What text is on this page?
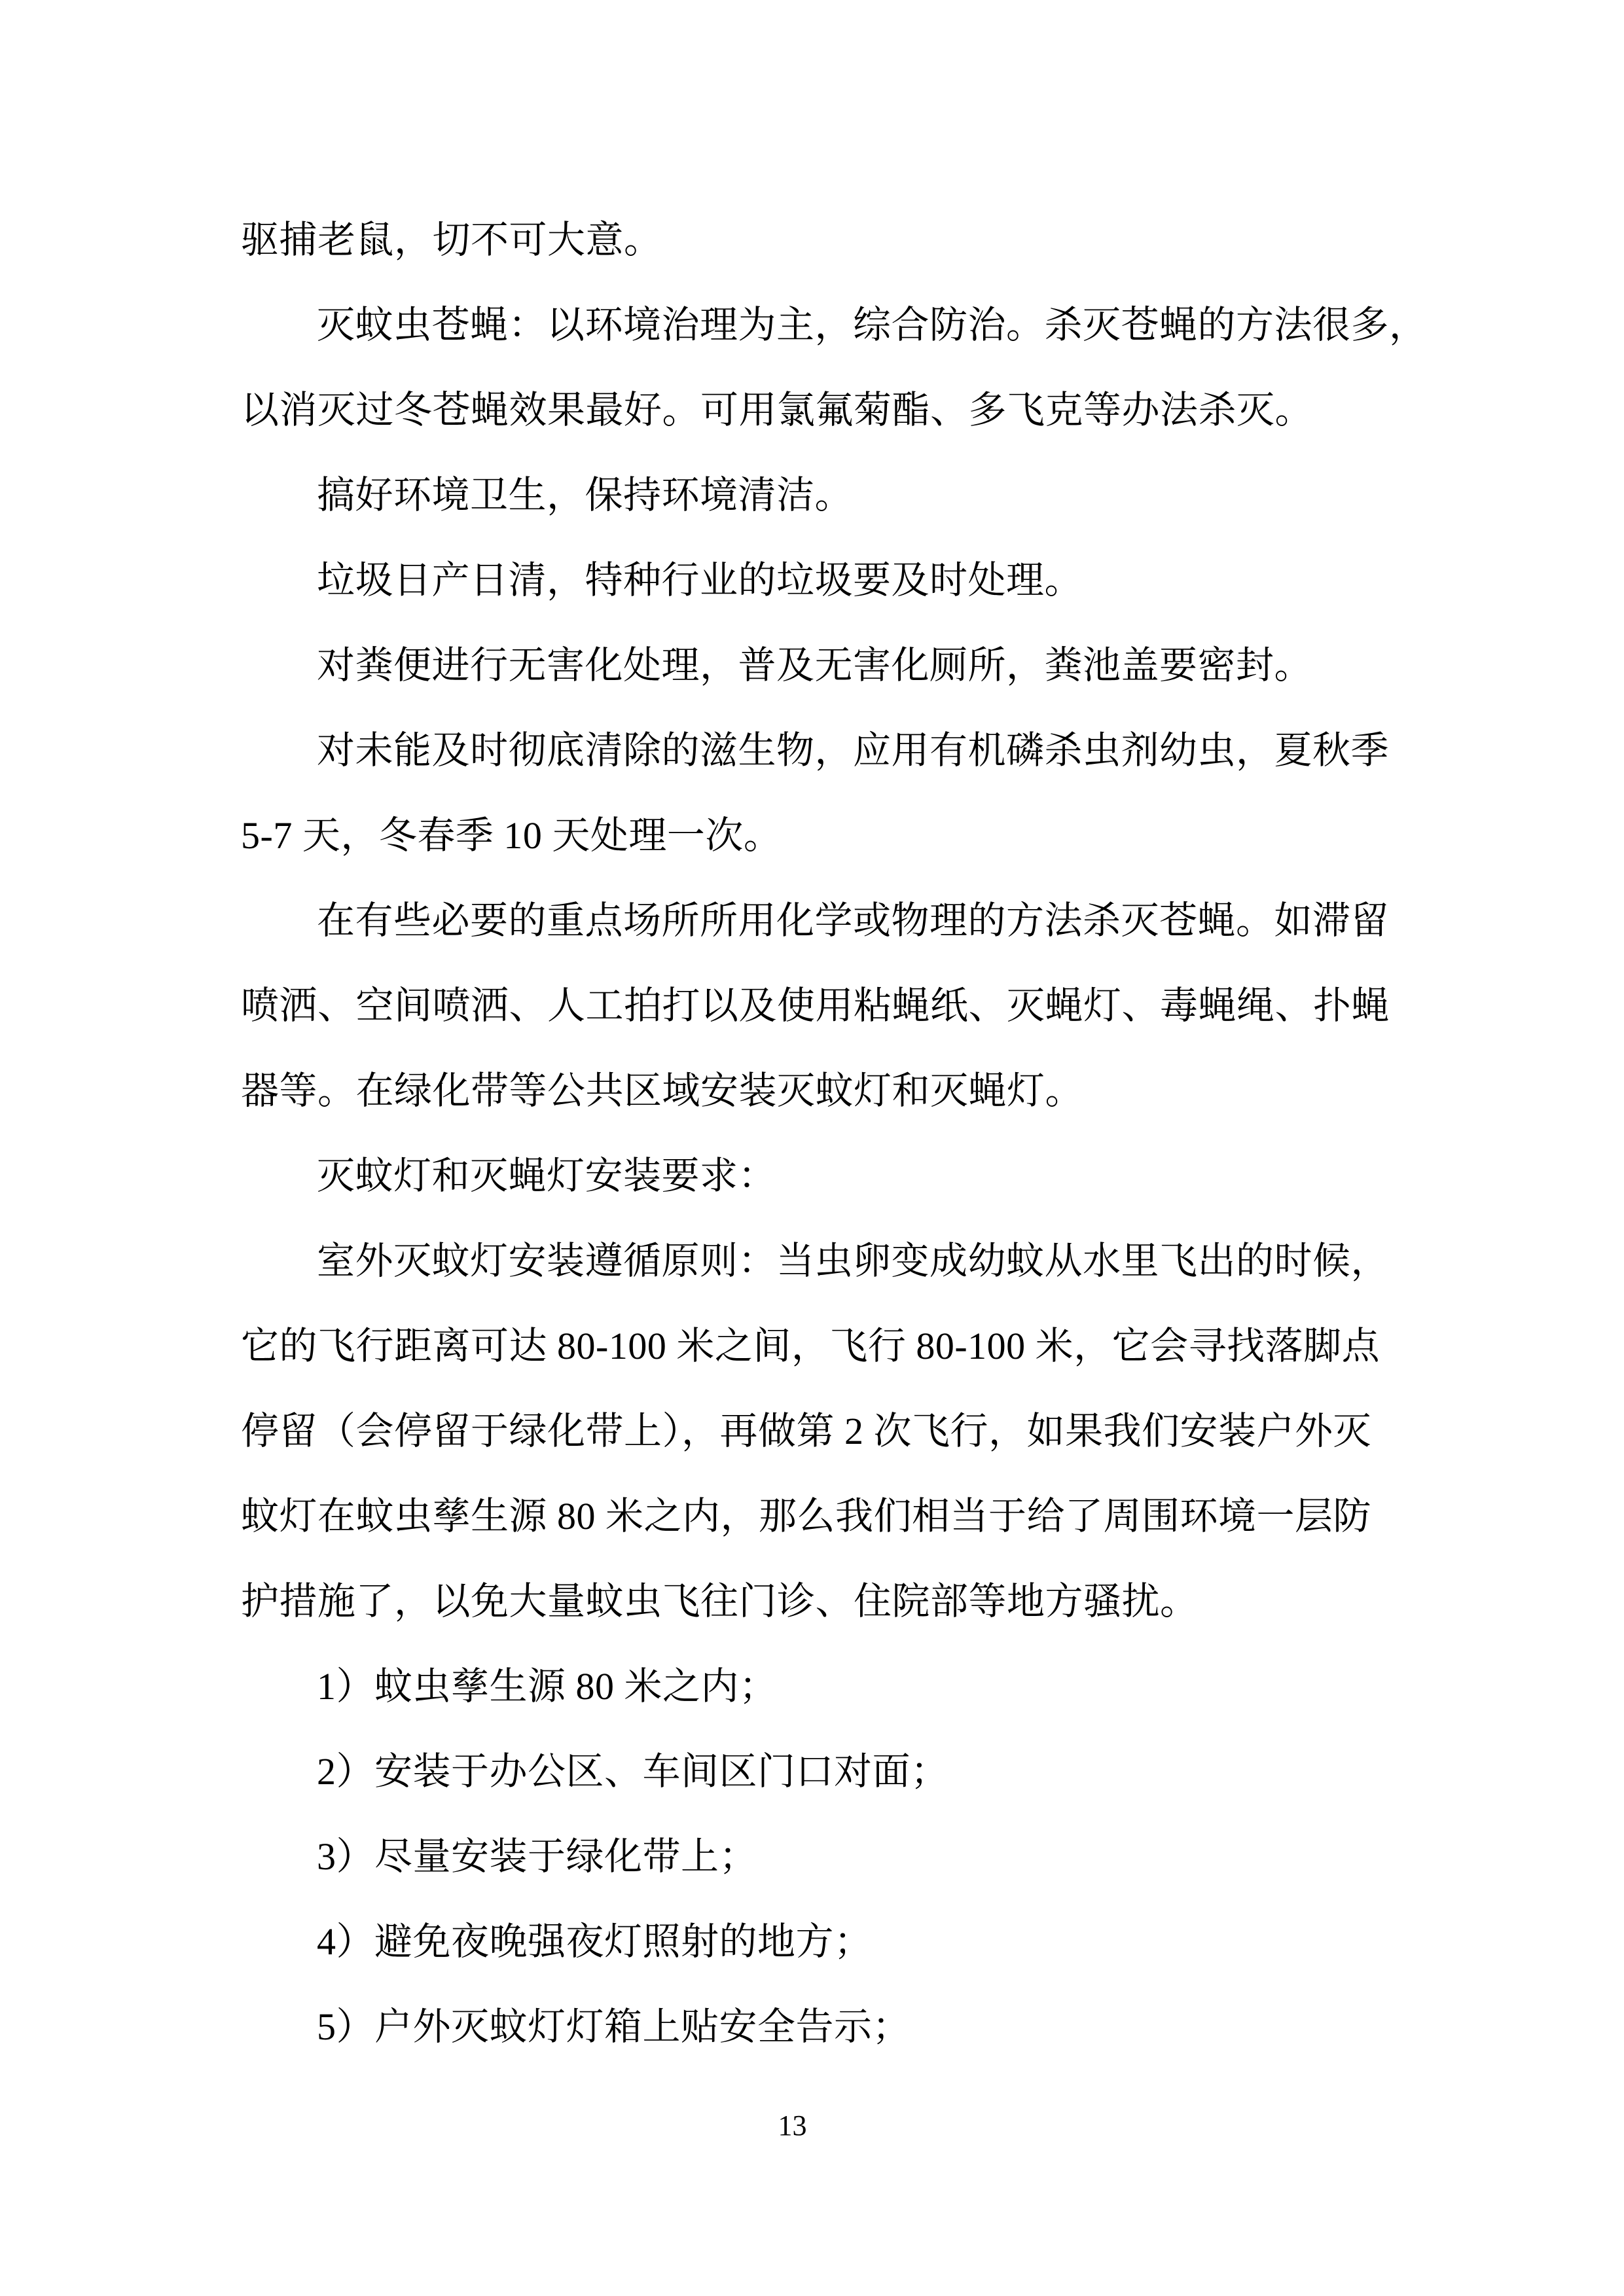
驱捕老鼠，切不可大意。
灭蚊虫苍蝇：以环境治理为主，综合防治。杀灭苍蝇的方法很多，
以消灭过冬苍蝇效果最好。可用氯氟菊酯、多飞克等办法杀灭。
搞好环境卫生，保持环境清洁。
垃圾日产日清，特种行业的垃圾要及时处理。
对粪便进行无害化处理，普及无害化厕所，粪池盖要密封。
对未能及时彻底清除的滋生物，应用有机磷杀虫剂幼虫，夏秋季
5-7 天，冬春季 10 天处理一次。
在有些必要的重点场所所用化学或物理的方法杀灭苍蝇。如滞留
喷洒、空间喷洒、人工拍打以及使用粘蝇纸、灭蝇灯、毒蝇绳、扑蝇
器等。在绿化带等公共区域安装灭蚊灯和灭蝇灯。
灭蚊灯和灭蝇灯安装要求：
室外灭蚊灯安装遵循原则：当虫卵变成幼蚊从水里飞出的时候，
它的飞行距离可达 80-100 米之间，飞行 80-100 米，它会寻找落脚点
停留（会停留于绿化带上），再做第 2 次飞行，如果我们安装户外灭
蚊灯在蚊虫孳生源 80 米之内，那么我们相当于给了周围环境一层防
护措施了，以免大量蚊虫飞往门诊、住院部等地方骚扰。
1）蚊虫孳生源 80 米之内；
2）安装于办公区、车间区门口对面；
3）尽量安装于绿化带上；
4）避免夜晚强夜灯照射的地方；
5）户外灭蚊灯灯箱上贴安全告示；
13
